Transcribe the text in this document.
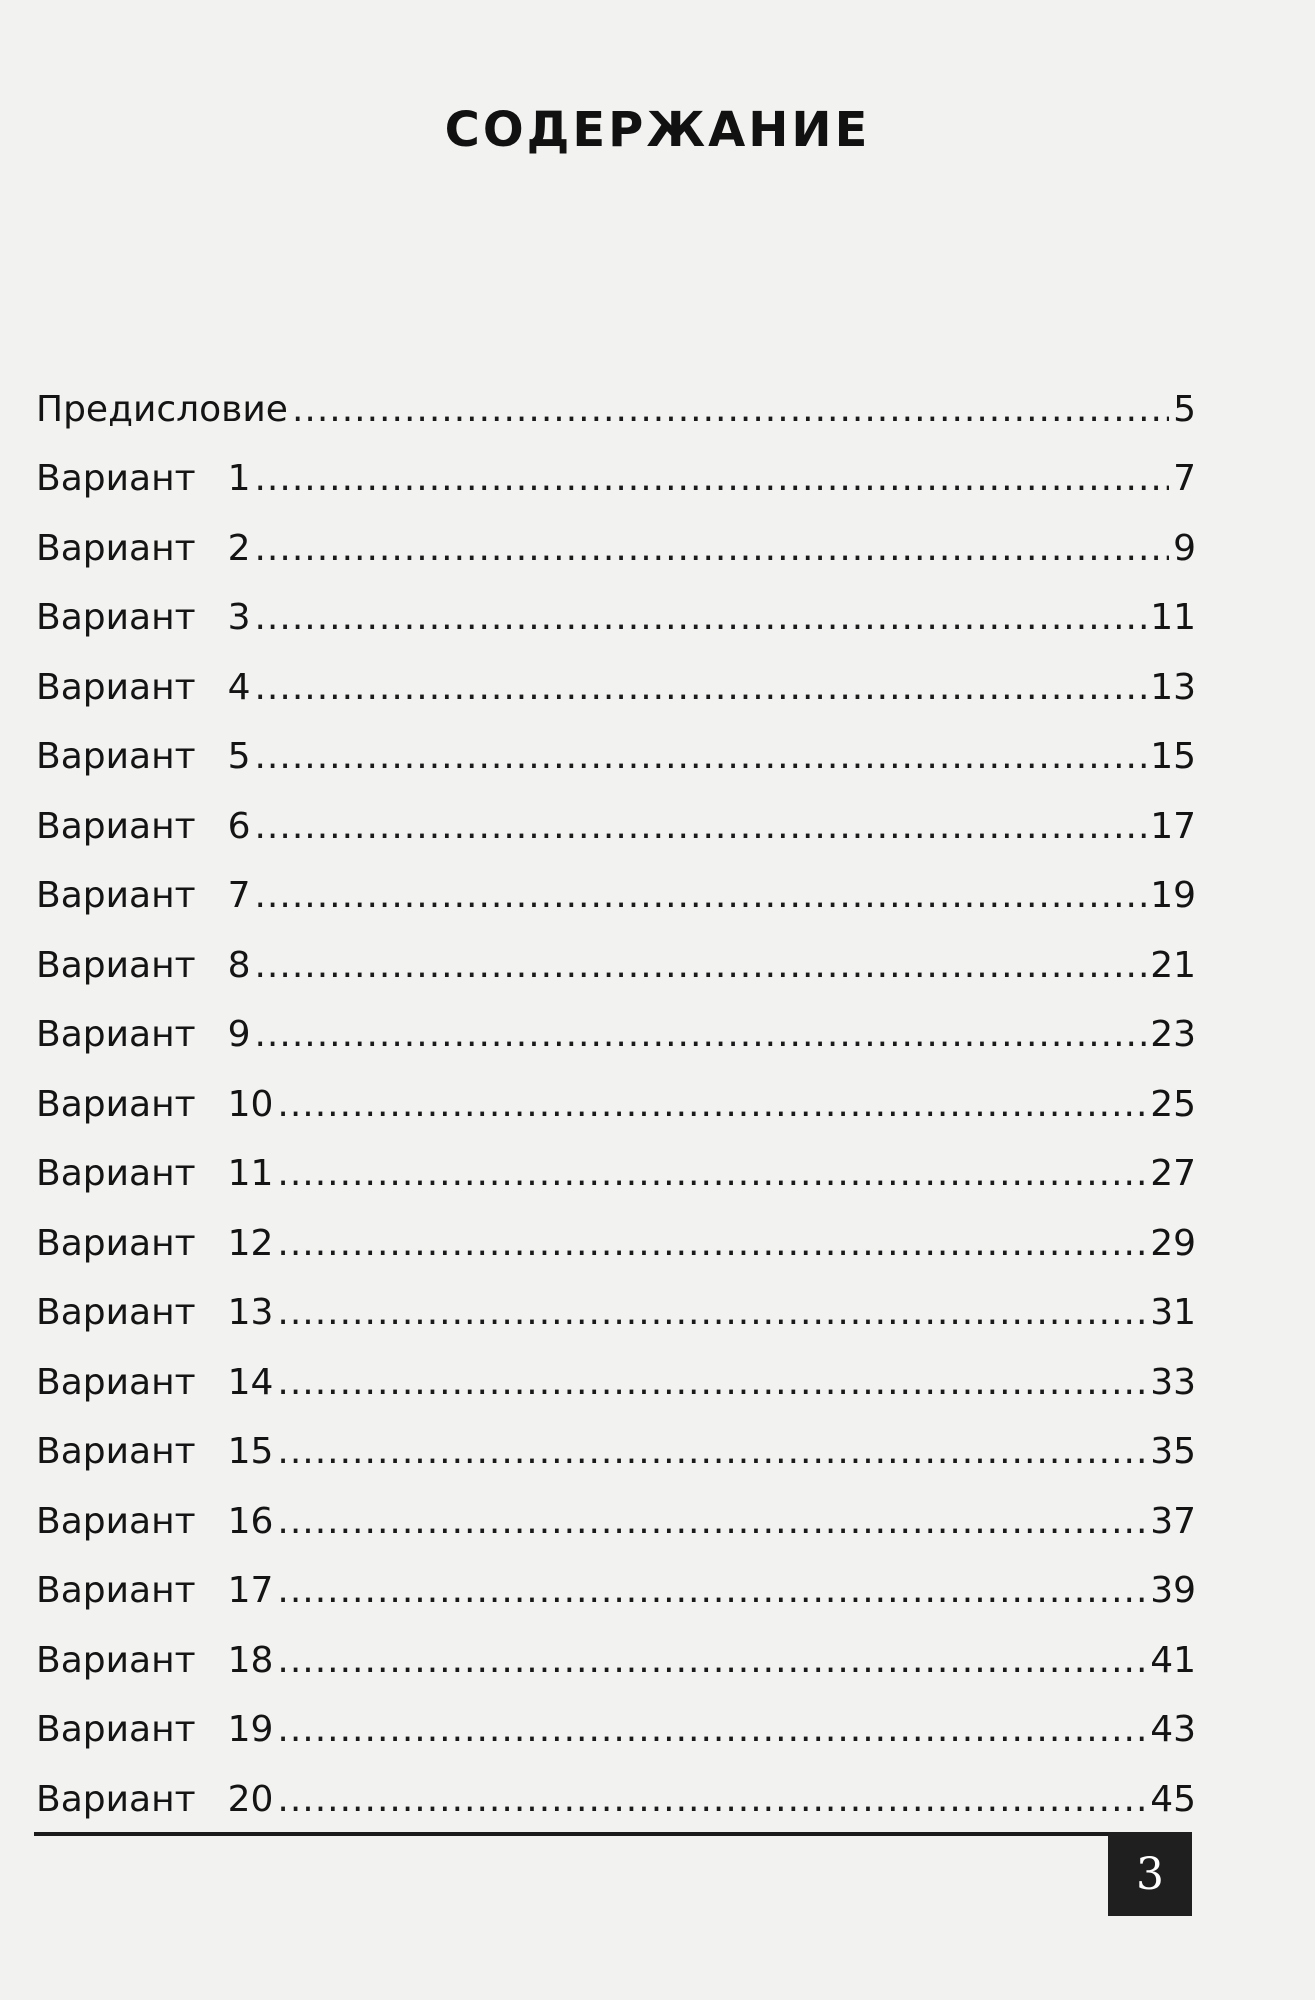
СОДЕРЖАНИЕ
Предисловие .....	5
Вариант 1 .....	7
Вариант 2 .....	9
Вариант 3 .....	11
Вариант 4 .....	13
Вариант 5 .....	15
Вариант 6 .....	17
Вариант 7 .....	19
Вариант 8 .....	21
Вариант 9 .....	23
Вариант 10 .....	25
Вариант 11 .....	27
Вариант 12 .....	29
Вариант 13 .....	31
Вариант 14 .....	33
Вариант 15 .....	35
Вариант 16 .....	37
Вариант 17 .....	39
Вариант 18 .....	41
Вариант 19 .....	43
Вариант 20 .....	45
3
